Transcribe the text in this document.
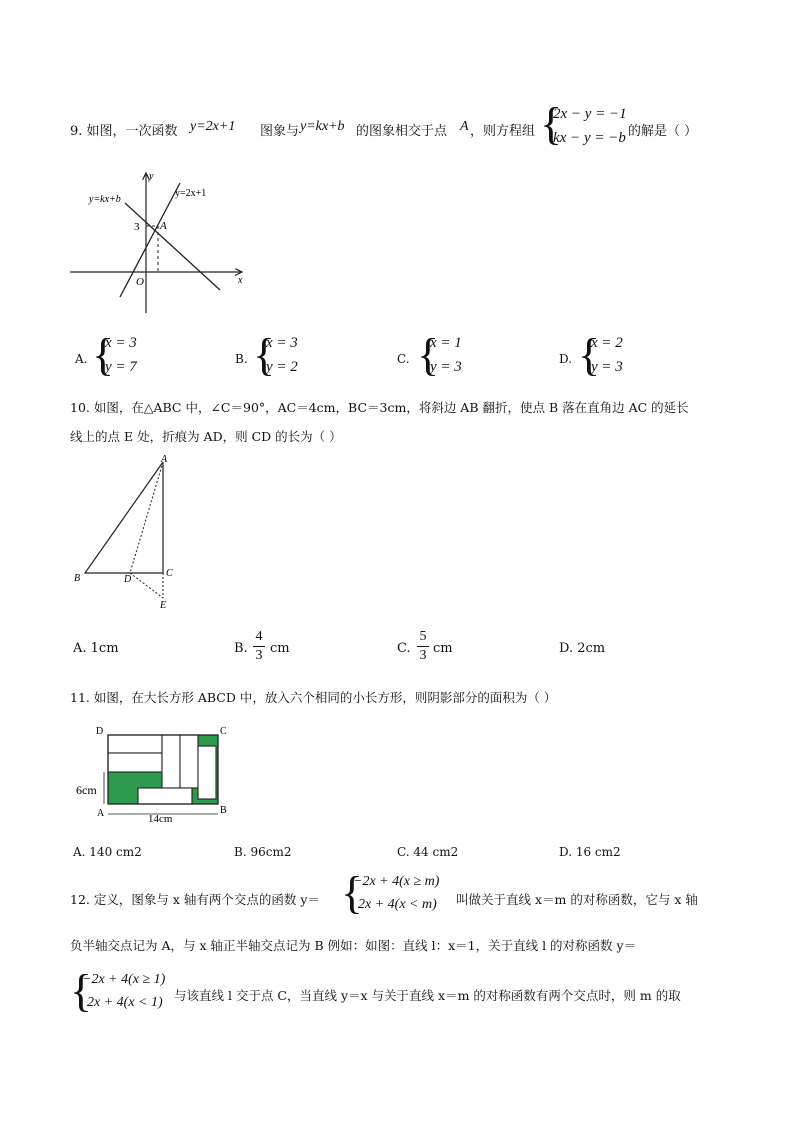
9. 如图，一次函数 y=2x+1 图象与 y=kx+b 的图象相交于点 A ，则方程组 {
2x − y = −1
kx − y = −b 的解是（ ）
y=kx+b
y=2x+1
y
x
O
3 A
A. {
x = 3
y = 7	B. {
x = 3
y = 2	C. {
x = 1
y = 3	D. {
x = 2
y = 3
10. 如图，在△ABC 中，∠C＝90°，AC＝4cm，BC＝3cm，将斜边 AB 翻折，使点 B 落在直角边 AC 的延长
线上的点 E 处，折痕为 AD，则 CD 的长为（ ）
A
B	C
D
E
A. 1cm	B.
4
3 cm	C.
5
3 cm	D. 2cm
11. 如图，在大长方形 ABCD 中，放入六个相同的小长方形，则阴影部分的面积为（ ）
D	C
A	B
6cm
14cm
A. 140 cm2	B. 96cm2	C. 44 cm2	D. 16 cm2
12. 定义，图象与 x 轴有两个交点的函数 y＝ {
−2x + 4(x ≥ m)
2x + 4(x < m) 叫做关于直线 x＝m 的对称函数，它与 x 轴
负半轴交点记为 A，与 x 轴正半轴交点记为 B 例如：如图：直线 l：x＝1，关于直线 l 的对称函数 y＝
{
−2x + 4(x ≥ 1)
2x + 4(x < 1) 与该直线 l 交于点 C，当直线 y＝x 与关于直线 x＝m 的对称函数有两个交点时，则 m 的取
